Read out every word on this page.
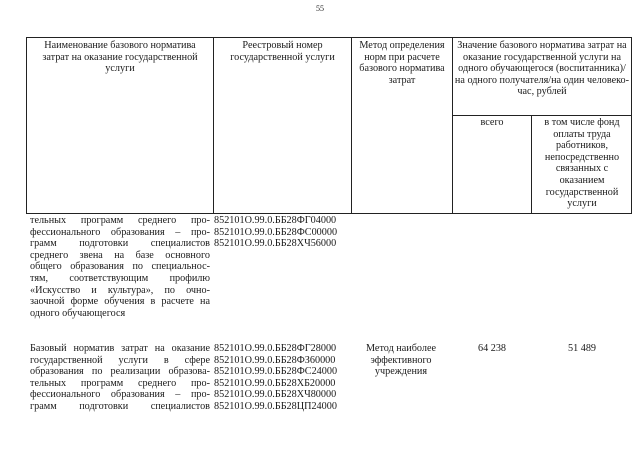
55
Наименование базового норматива затрат на оказание государственной услуги
Реестровый номер государственной услуги
Метод определения норм при расчете базового норматива затрат
Значение базового норматива затрат на оказание государственной услуги на одного обучающегося (воспитанника)/на одного получателя/на один человеко-час, рублей
всего	в том числе фонд оплаты труда работников, непосредственно связанных с оказанием государственной услуги
тельных программ среднего про-
фессионального образования – про-
грамм подготовки специалистов
среднего звена на базе основного
общего образования по специальнос-
тям, соответствующим профилю
«Искусство и культура», по очно-
заочной форме обучения в расчете на
одного обучающегося
852101О.99.0.ББ28ФГ04000
852101О.99.0.ББ28ФС00000
852101О.99.0.ББ28ХЧ56000
Базовый норматив затрат на оказание
государственной услуги в сфере
образования по реализации образова-
тельных программ среднего про-
фессионального образования – про-
грамм подготовки специалистов
852101О.99.0.ББ28ФГ28000
852101О.99.0.ББ28ФЗ60000
852101О.99.0.ББ28ФС24000
852101О.99.0.ББ28ХБ20000
852101О.99.0.ББ28ХЧ80000
852101О.99.0.ББ28ЦП24000
Метод наиболее эффективного учреждения
64 238	51 489
